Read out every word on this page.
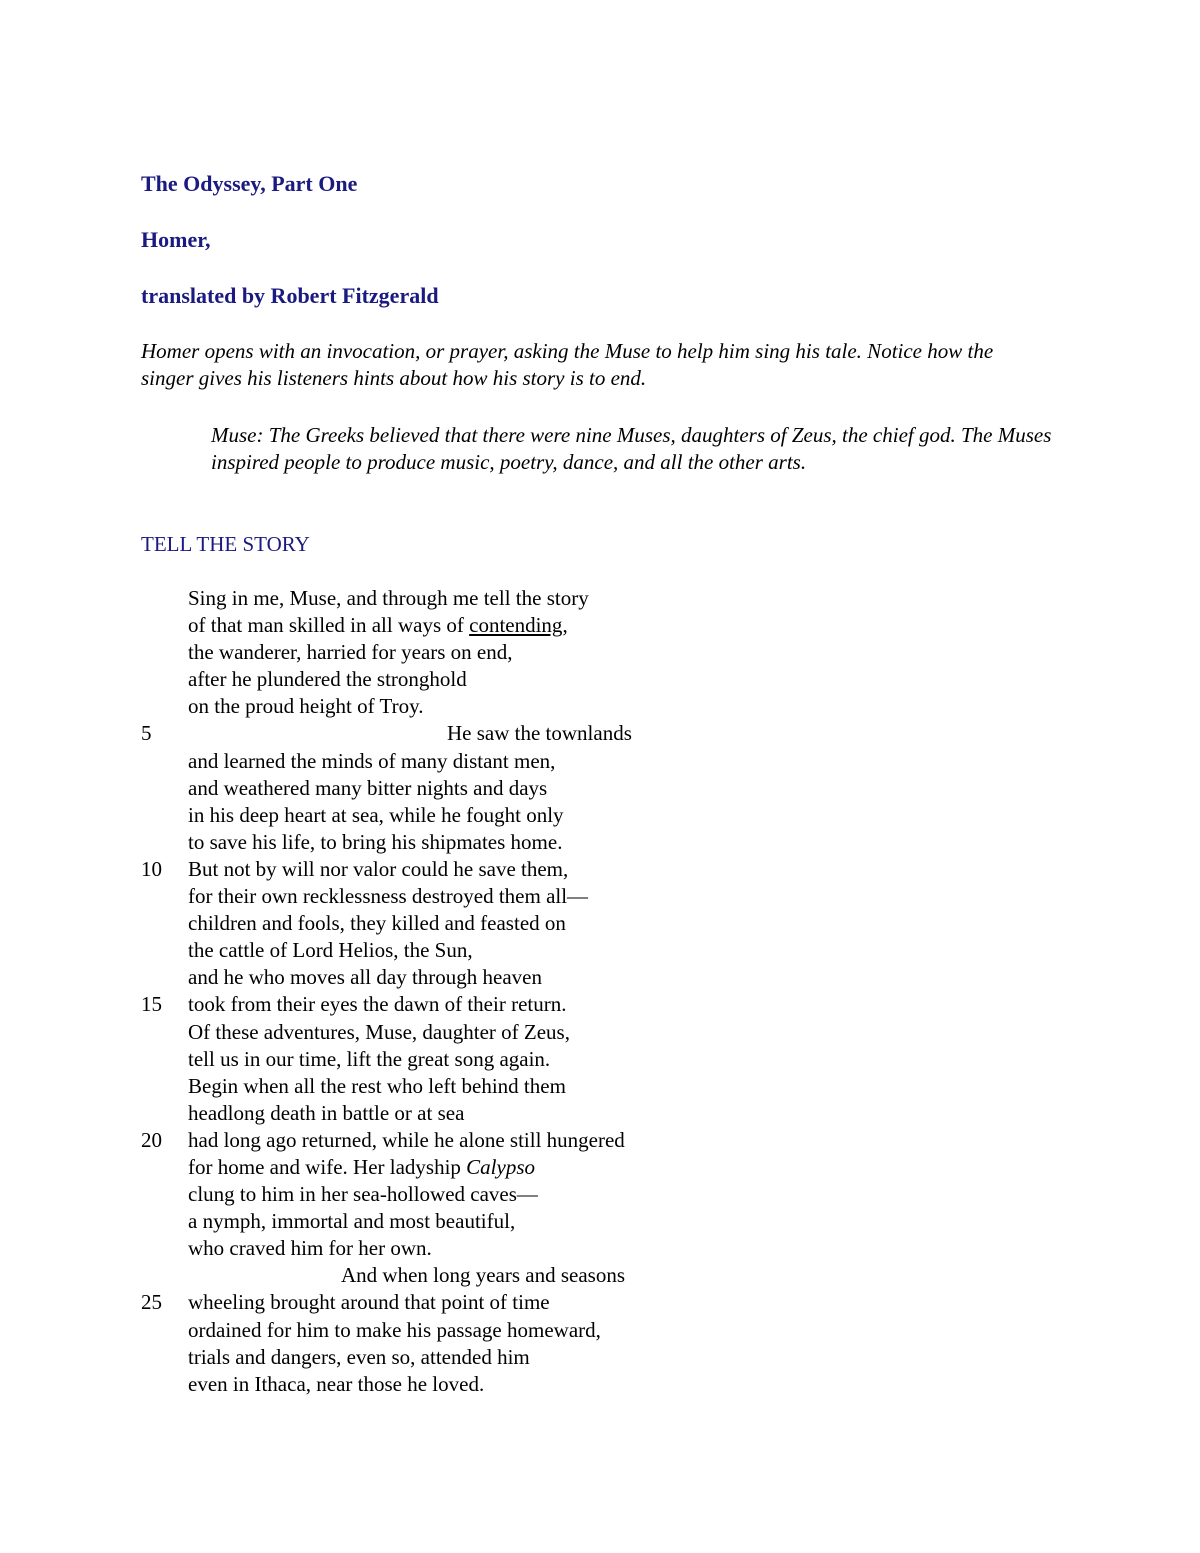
The Odyssey, Part One

Homer,

translated by Robert Fitzgerald

Homer opens with an invocation, or prayer, asking the Muse to help him sing his tale. Notice how the singer gives his listeners hints about how his story is to end.

Muse: The Greeks believed that there were nine Muses, daughters of Zeus, the chief god. The Muses inspired people to produce music, poetry, dance, and all the other arts.

TELL THE STORY

Sing in me, Muse, and through me tell the story
of that man skilled in all ways of contending,
the wanderer, harried for years on end,
after he plundered the stronghold
on the proud height of Troy.
5	He saw the townlands
and learned the minds of many distant men,
and weathered many bitter nights and days
in his deep heart at sea, while he fought only
to save his life, to bring his shipmates home.
10 But not by will nor valor could he save them,
for their own recklessness destroyed them all—
children and fools, they killed and feasted on
the cattle of Lord Helios, the Sun,
and he who moves all day through heaven
15 took from their eyes the dawn of their return.
Of these adventures, Muse, daughter of Zeus,
tell us in our time, lift the great song again.
Begin when all the rest who left behind them
headlong death in battle or at sea
20 had long ago returned, while he alone still hungered
for home and wife. Her ladyship Calypso
clung to him in her sea-hollowed caves—
a nymph, immortal and most beautiful,
who craved him for her own.
And when long years and seasons
25 wheeling brought around that point of time
ordained for him to make his passage homeward,
trials and dangers, even so, attended him
even in Ithaca, near those he loved.
